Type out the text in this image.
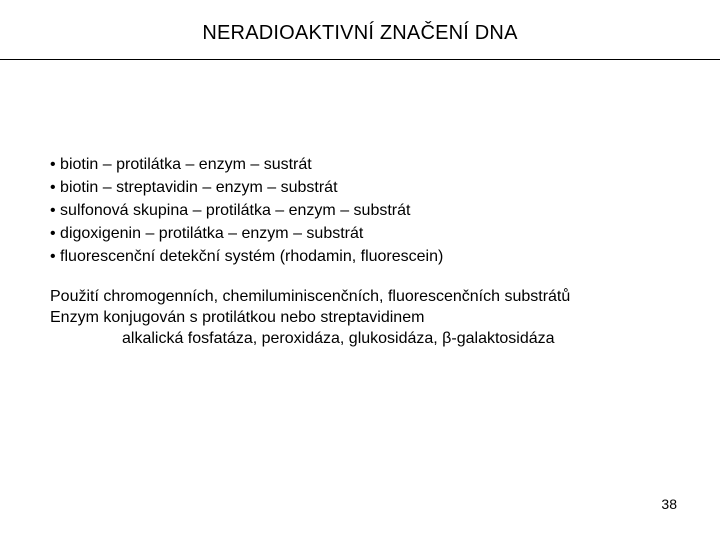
NERADIOAKTIVNÍ ZNAČENÍ DNA
• biotin – protilátka – enzym – sustrát
• biotin – streptavidin – enzym – substrát
• sulfonová skupina – protilátka – enzym – substrát
• digoxigenin – protilátka – enzym – substrát
• fluorescenční detekční systém (rhodamin, fluorescein)
Použití chromogenních, chemiluminiscenčních, fluorescenčních substrátů
Enzym konjugován s protilátkou nebo streptavidinem
alkalická fosfatáza, peroxidáza, glukosidáza, β-galaktosidáza
38
